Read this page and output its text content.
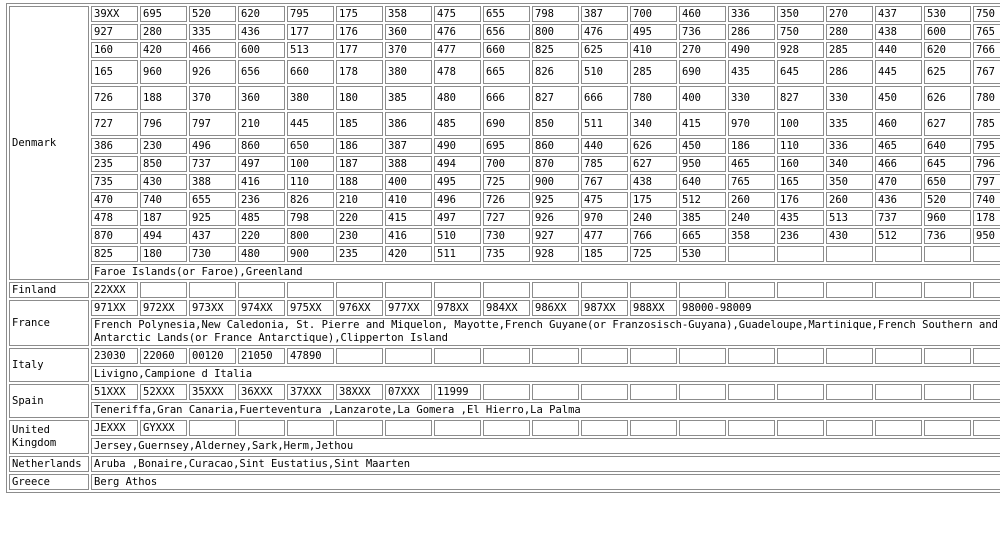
Denmark	39XX	695	520	620	795	175	358	475	655	798	387	700	460	336	350	270	437	530	750
	927	280	335	436	177	176	360	476	656	800	476	495	736	286	750	280	438	600	765
	160	420	466	600	513	177	370	477	660	825	625	410	270	490	928	285	440	620	766
	165	960	926	656	660	178	380	478	665	826	510	285	690	435	645	286	445	625	767
	726	188	370	360	380	180	385	480	666	827	666	780	400	330	827	330	450	626	780
	727	796	797	210	445	185	386	485	690	850	511	340	415	970	100	335	460	627	785
	386	230	496	860	650	186	387	490	695	860	440	626	450	186	110	336	465	640	795
	235	850	737	497	100	187	388	494	700	870	785	627	950	465	160	340	466	645	796
	735	430	388	416	110	188	400	495	725	900	767	438	640	765	165	350	470	650	797
	470	740	655	236	826	210	410	496	726	925	475	175	512	260	176	260	436	520	740
	478	187	925	485	798	220	415	497	727	926	970	240	385	240	435	513	737	960	178
	870	494	437	220	800	230	416	510	730	927	477	766	665	358	236	430	512	736	950
	825	180	730	480	900	235	420	511	735	928	185	725	530						
	Faroe Islands(or Faroe),Greenland																		
Finland	22XXX																		
France	971XX	972XX	973XX	974XX	975XX	976XX	977XX	978XX	984XX	986XX	987XX	988XX	98000-98009						
	French Polynesia,New Caledonia, St. Pierre and Miquelon, Mayotte,French Guyane(or Franzosisch-Guyana),Guadeloupe,Martinique,French Southern and Antarctic Lands(or France Antarctique),Clipperton Island																		
Italy	23030	22060	00120	21050	47890														
	Livigno,Campione d Italia																		
Spain	51XXX	52XXX	35XXX	36XXX	37XXX	38XXX	07XXX	11999											
	Teneriffa,Gran Canaria,Fuerteventura ,Lanzarote,La Gomera ,El Hierro,La Palma																		
United Kingdom	JEXXX	GYXXX																	
	Jersey,Guernsey,Alderney,Sark,Herm,Jethou																		
Netherlands	Aruba ,Bonaire,Curacao,Sint Eustatius,Sint Maarten																		
Greece	Berg Athos																		
